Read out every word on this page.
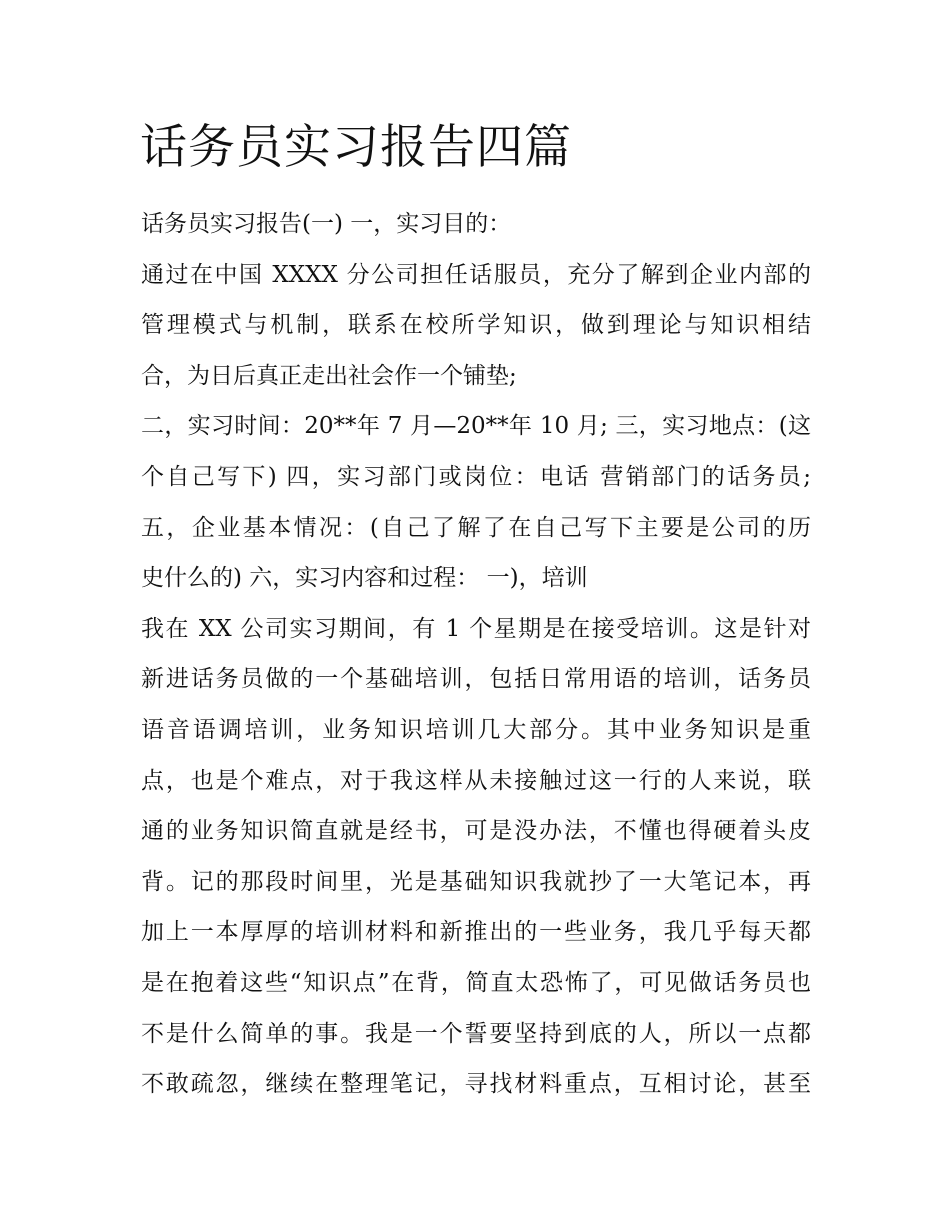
话务员实习报告四篇
话务员实习报告(一) 一，实习目的：
通过在中国 XXXX 分公司担任话服员，充分了解到企业内部的
管理模式与机制，联系在校所学知识，做到理论与知识相结
合，为日后真正走出社会作一个铺垫;
二，实习时间：20**年 7 月—20**年 10 月; 三，实习地点：(这
个自己写下) 四，实习部门或岗位：电话 营销部门的话务员;
五，企业基本情况：(自己了解了在自己写下主要是公司的历
史什么的) 六，实习内容和过程： 一)，培训
我在 XX 公司实习期间，有 1 个星期是在接受培训。这是针对
新进话务员做的一个基础培训，包括日常用语的培训，话务员
语音语调培训，业务知识培训几大部分。其中业务知识是重
点，也是个难点，对于我这样从未接触过这一行的人来说，联
通的业务知识简直就是经书，可是没办法，不懂也得硬着头皮
背。记的那段时间里，光是基础知识我就抄了一大笔记本，再
加上一本厚厚的培训材料和新推出的一些业务，我几乎每天都
是在抱着这些“知识点”在背，简直太恐怖了，可见做话务员也
不是什么简单的事。我是一个誓要坚持到底的人，所以一点都
不敢疏忽，继续在整理笔记，寻找材料重点，互相讨论，甚至
